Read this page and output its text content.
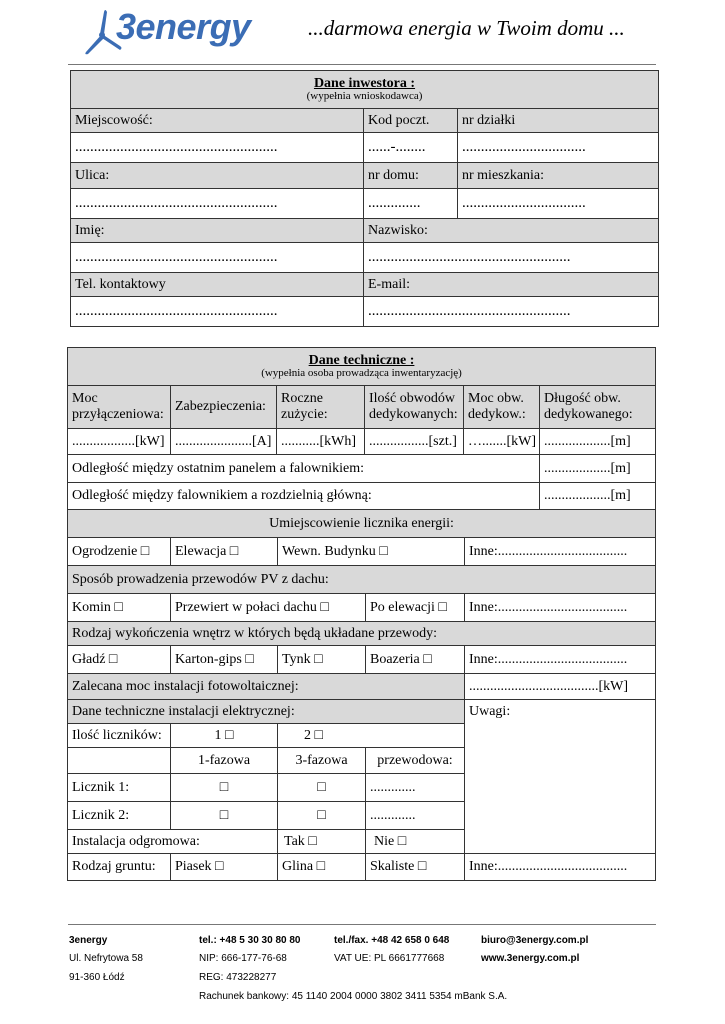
3energy	...darmowa energia w Twoim domu ...
Dane inwestora :
(wypełnia wnioskodawca)		

Miejscowość:	Kod poczt.	nr działki
......................................................	......-........	.................................
Ulica:	nr domu:	nr mieszkania:
......................................................	..............	.................................
Imię:	Nazwisko:	
......................................................	......................................................	
Tel. kontaktowy	E-mail:	
......................................................	......................................................	
Dane techniczne :
(wypełnia osoba prowadząca inwentaryzację)					

Moc przyłączeniowa:	Zabezpieczenia:	Roczne zużycie:	Ilość obwodów dedykowanych:	Moc obw. dedykow.:	Długość obw. dedykowanego:
..................[kW]	......................[A]	...........[kWh]	.................[szt.]	….......[kW]	...................[m]
Odległość między ostatnim panelem a falownikiem:					...................[m]
Odległość między falownikiem a rozdzielnią główną:					...................[m]
Umiejscowienie licznika energii:				
Ogrodzenie □	Elewacja □	Wewn. Budynku □		Inne:.....................................
Sposób prowadzenia przewodów PV z dachu:				
Komin □	Przewiert w połaci dachu □		Po elewacji □	Inne:.....................................
Rodzaj wykończenia wnętrz w których będą układane przewody:				
Gładź □	Karton-gips □	Tynk □	Boazeria □	Inne:.....................................
Zalecana moc instalacji fotowoltaicznej:				.....................................[kW]
Dane techniczne instalacji elektrycznej:				Uwagi:
Ilość liczników:	1 □	2 □		
	1-fazowa	3-fazowa	przewodowa:	
Licznik 1:	□	□	.............	
Licznik 2:	□	□	.............	
Instalacja odgromowa:		Tak □	Nie □	
Rodzaj gruntu:	Piasek □	Glina □	Skaliste □	Inne:.....................................
3energy
Ul. Nefrytowa 58
91-360 Łódź
tel.: +48 5 30 30 80 80
NIP: 666-177-76-68
REG: 473228277
tel./fax. +48 42 658 0 648
VAT UE: PL 6661777668
biuro@3energy.com.pl
www.3energy.com.pl
Rachunek bankowy: 45 1140 2004 0000 3802 3411 5354 mBank S.A.
